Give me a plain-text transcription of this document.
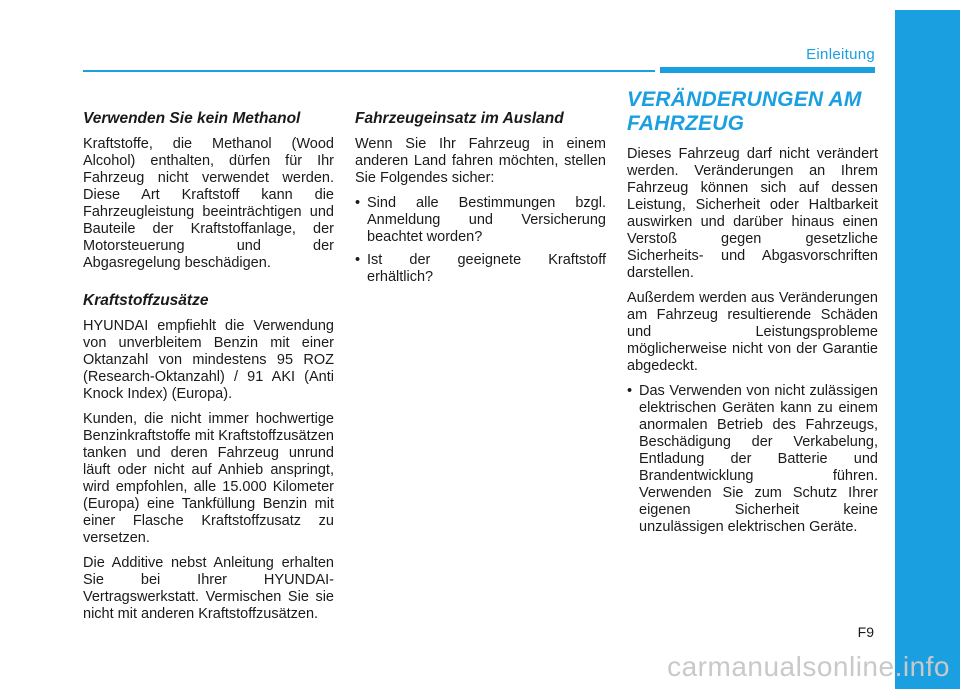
Einleitung
Verwenden Sie kein Methanol

Kraftstoffe, die Methanol (Wood Alcohol) enthalten, dürfen für Ihr Fahrzeug nicht verwendet werden. Diese Art Kraftstoff kann die Fahrzeugleistung beeinträchtigen und Bauteile der Kraftstoffanlage, der Motorsteuerung und der Abgasregelung beschädigen.

Kraftstoffzusätze

HYUNDAI empfiehlt die Verwendung von unverbleitem Benzin mit einer Oktanzahl von mindestens 95 ROZ (Research-Oktanzahl) / 91 AKI (Anti Knock Index) (Europa).

Kunden, die nicht immer hochwertige Benzinkraftstoffe mit Kraftstoffzusätzen tanken und deren Fahrzeug unrund läuft oder nicht auf Anhieb anspringt, wird empfohlen, alle 15.000 Kilometer (Europa) eine Tankfüllung Benzin mit einer Flasche Kraftstoffzusatz zu versetzen.

Die Additive nebst Anleitung erhalten Sie bei Ihrer HYUNDAI-Vertragswerkstatt. Vermischen Sie sie nicht mit anderen Kraftstoffzusätzen.

Fahrzeugeinsatz im Ausland

Wenn Sie Ihr Fahrzeug in einem anderen Land fahren möchten, stellen Sie Folgendes sicher:

• Sind alle Bestimmungen bzgl. Anmeldung und Versicherung beachtet worden?
• Ist der geeignete Kraftstoff erhältlich?
VERÄNDERUNGEN AM
FAHRZEUG

Dieses Fahrzeug darf nicht verändert werden. Veränderungen an Ihrem Fahrzeug können sich auf dessen Leistung, Sicherheit oder Haltbarkeit auswirken und darüber hinaus einen Verstoß gegen gesetzliche Sicherheits- und Abgasvorschriften darstellen.

Außerdem werden aus Veränderungen am Fahrzeug resultierende Schäden und Leistungsprobleme möglicherweise nicht von der Garantie abgedeckt.

• Das Verwenden von nicht zulässigen elektrischen Geräten kann zu einem anormalen Betrieb des Fahrzeugs, Beschädigung der Verkabelung, Entladung der Batterie und Brandentwicklung führen. Verwenden Sie zum Schutz Ihrer eigenen Sicherheit keine unzulässigen elektrischen Geräte.
F9
carmanualsonline.info
